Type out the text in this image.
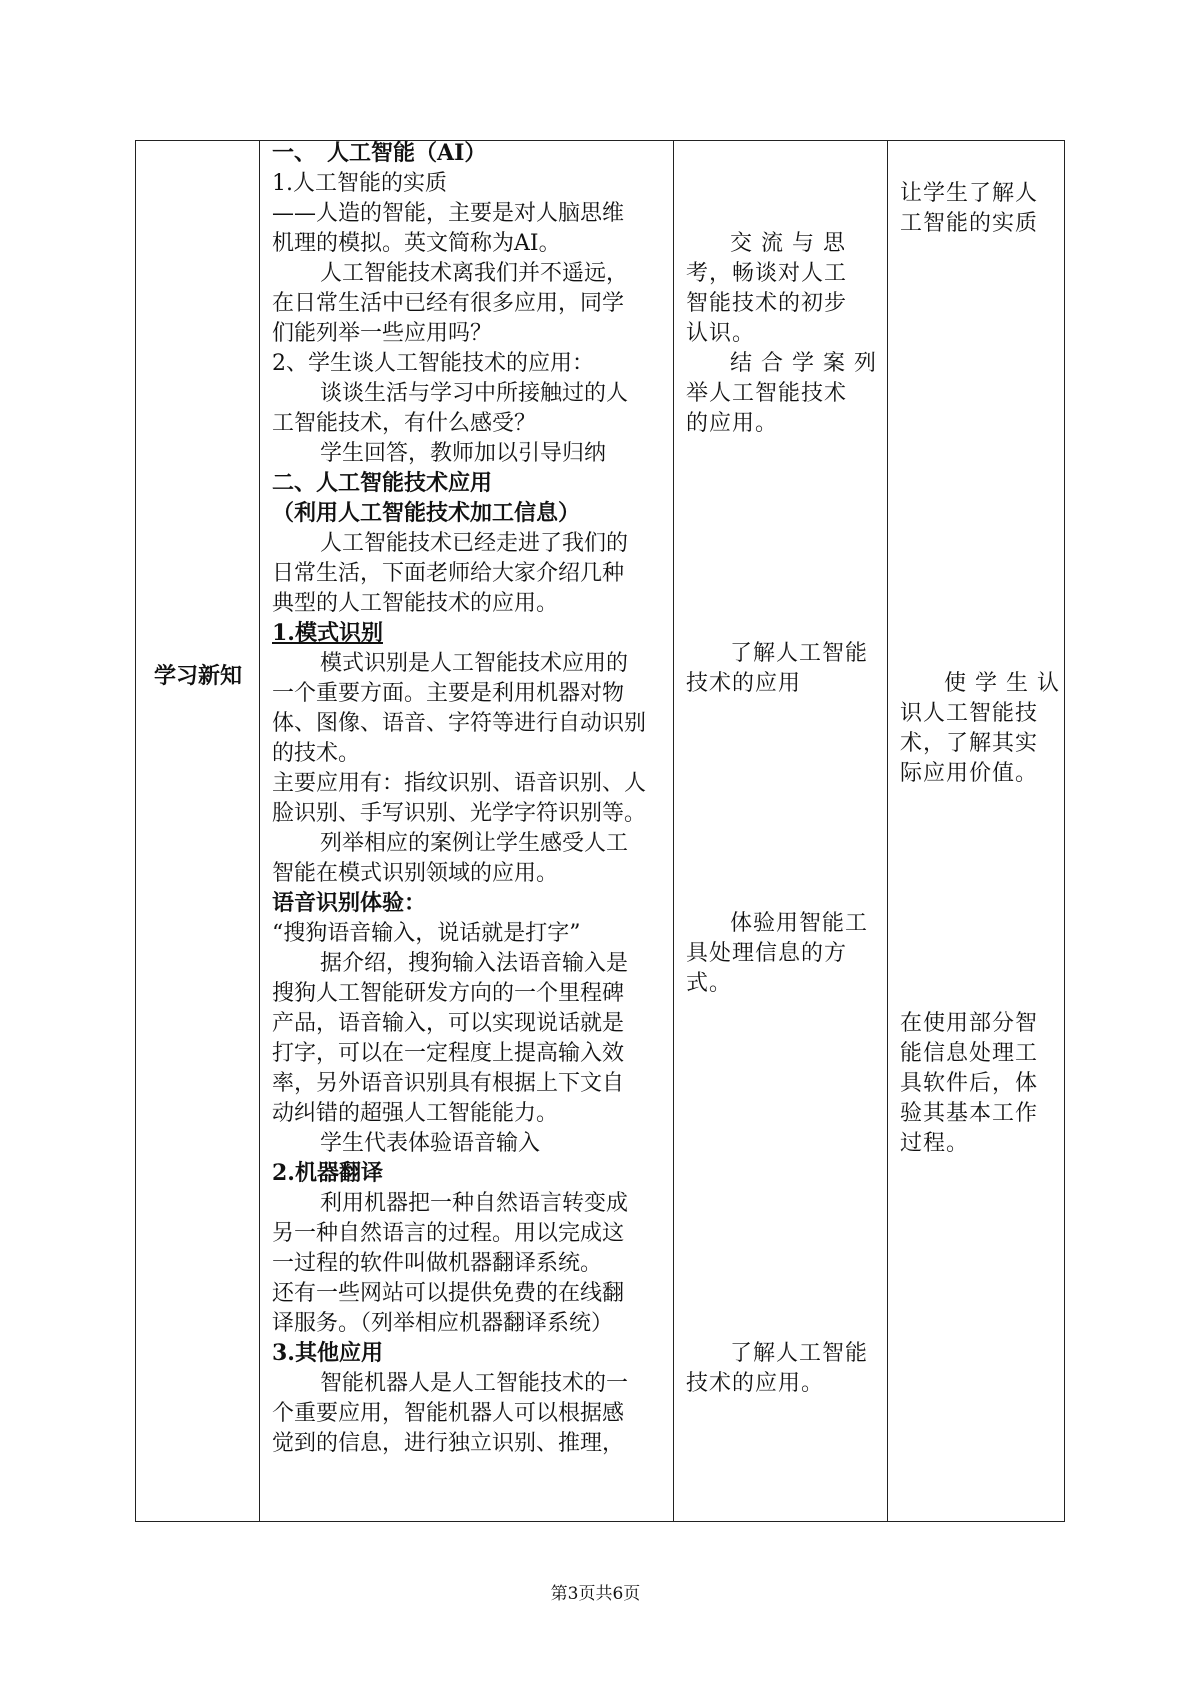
学习新知
一、　人工智能（AI）
1.人工智能的实质
——人造的智能，主要是对人脑思维
机理的模拟。英文简称为AI。
人工智能技术离我们并不遥远，
在日常生活中已经有很多应用，同学
们能列举一些应用吗？
2、学生谈人工智能技术的应用：
谈谈生活与学习中所接触过的人
工智能技术，有什么感受？
学生回答，教师加以引导归纳
二、人工智能技术应用
（利用人工智能技术加工信息）
人工智能技术已经走进了我们的
日常生活，下面老师给大家介绍几种
典型的人工智能技术的应用。
1.模式识别
模式识别是人工智能技术应用的
一个重要方面。主要是利用机器对物
体、图像、语音、字符等进行自动识别
的技术。
主要应用有：指纹识别、语音识别、人
脸识别、手写识别、光学字符识别等。
列举相应的案例让学生感受人工
智能在模式识别领域的应用。
语音识别体验：
“搜狗语音输入，说话就是打字”
据介绍，搜狗输入法语音输入是
搜狗人工智能研发方向的一个里程碑
产品，语音输入，可以实现说话就是
打字，可以在一定程度上提高输入效
率，另外语音识别具有根据上下文自
动纠错的超强人工智能能力。
学生代表体验语音输入
2.机器翻译
利用机器把一种自然语言转变成
另一种自然语言的过程。用以完成这
一过程的软件叫做机器翻译系统。
还有一些网站可以提供免费的在线翻
译服务。（列举相应机器翻译系统）
3.其他应用
智能机器人是人工智能技术的一
个重要应用，智能机器人可以根据感
觉到的信息，进行独立识别、推理，
交 流 与 思
考，畅谈对人工
智能技术的初步
认识。
结 合 学 案 列
举人工智能技术
的应用。
了解人工智能
技术的应用
体验用智能工
具处理信息的方
式。
了解人工智能
技术的应用。
让学生了解人
工智能的实质
使 学 生 认
识人工智能技
术，了解其实
际应用价值。
在使用部分智
能信息处理工
具软件后，体
验其基本工作
过程。
第3页共6页
